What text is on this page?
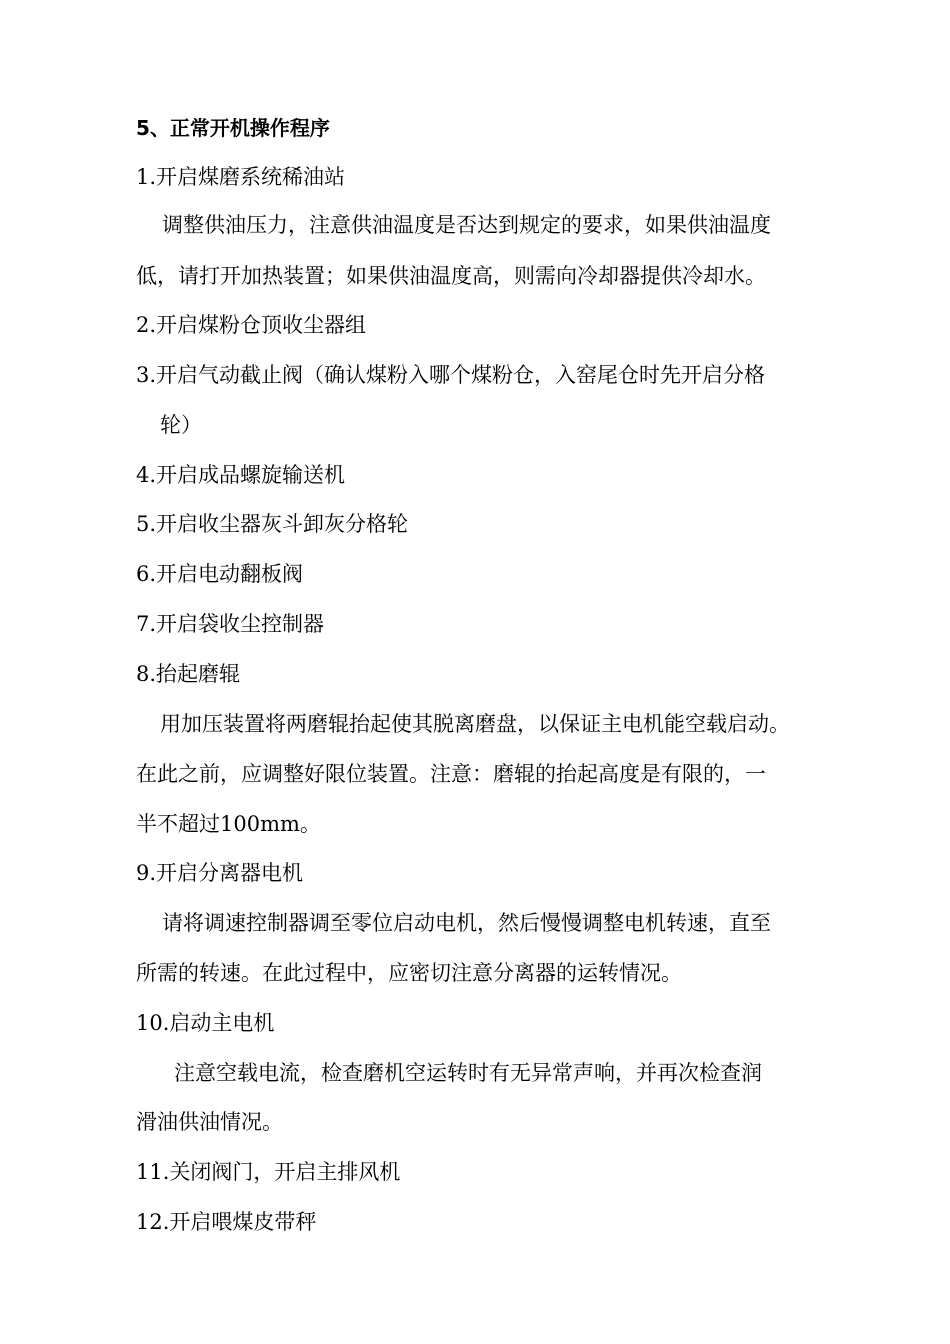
5、正常开机操作程序
1.开启煤磨系统稀油站
调整供油压力，注意供油温度是否达到规定的要求，如果供油温度
低，请打开加热装置；如果供油温度高，则需向冷却器提供冷却水。
2.开启煤粉仓顶收尘器组
3.开启气动截止阀（确认煤粉入哪个煤粉仓，入窑尾仓时先开启分格
轮）
4.开启成品螺旋输送机
5.开启收尘器灰斗卸灰分格轮
6.开启电动翻板阀
7.开启袋收尘控制器
8.抬起磨辊
用加压装置将两磨辊抬起使其脱离磨盘，以保证主电机能空载启动。
在此之前，应调整好限位装置。注意：磨辊的抬起高度是有限的，一
半不超过100mm。
9.开启分离器电机
请将调速控制器调至零位启动电机，然后慢慢调整电机转速，直至
所需的转速。在此过程中，应密切注意分离器的运转情况。
10.启动主电机
注意空载电流，检查磨机空运转时有无异常声响，并再次检查润
滑油供油情况。
11.关闭阀门，开启主排风机
12.开启喂煤皮带秤
